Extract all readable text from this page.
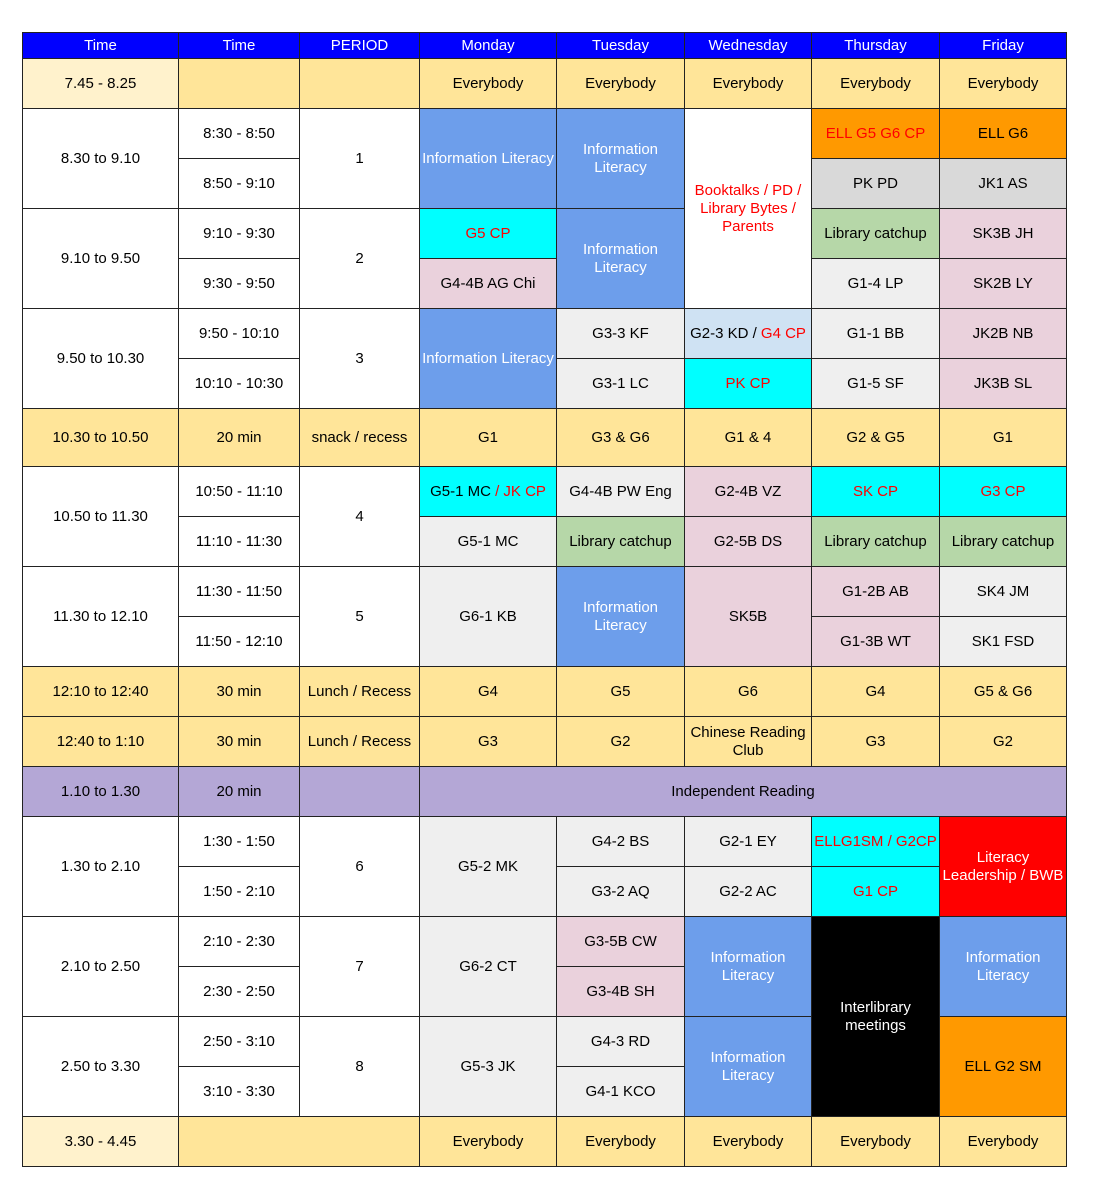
Time	Time	PERIOD	Monday	Tuesday	Wednesday	Thursday	Friday
7.45 - 8.25			Everybody	Everybody	Everybody	Everybody	Everybody
8.30 to 9.10	8:30 - 8:50	1	Information Literacy	Information Literacy	Booktalks / PD / Library Bytes / Parents	ELL G5 G6 CP	ELL G6
	8:50 - 9:10					PK PD	JK1 AS
9.10 to 9.50	9:10 - 9:30	2	G5 CP	Information Literacy		Library catchup	SK3B JH
	9:30 - 9:50		G4-4B AG Chi			G1-4 LP	SK2B LY
9.50 to 10.30	9:50 - 10:10	3	Information Literacy	G3-3 KF	G2-3 KD / G4 CP	G1-1 BB	JK2B NB
	10:10 - 10:30			G3-1 LC	PK CP	G1-5 SF	JK3B SL
10.30 to 10.50	20 min	snack / recess	G1	G3 & G6	G1 & 4	G2 & G5	G1
10.50 to 11.30	10:50 - 11:10	4	G5-1 MC / JK CP	G4-4B PW Eng	G2-4B VZ	SK CP	G3 CP
	11:10 - 11:30		G5-1 MC	Library catchup	G2-5B DS	Library catchup	Library catchup
11.30 to 12.10	11:30 - 11:50	5	G6-1 KB	Information Literacy	SK5B	G1-2B AB	SK4 JM
	11:50 - 12:10					G1-3B WT	SK1 FSD
12:10 to 12:40	30 min	Lunch / Recess	G4	G5	G6	G4	G5 & G6
12:40 to 1:10	30 min	Lunch / Recess	G3	G2	Chinese Reading Club	G3	G2
1.10 to 1.30	20 min		Independent Reading				
1.30 to 2.10	1:30 - 1:50	6	G5-2 MK	G4-2 BS	G2-1 EY	ELLG1SM / G2CP	Literacy Leadership / BWB
	1:50 - 2:10			G3-2 AQ	G2-2 AC	G1 CP	
2.10 to 2.50	2:10 - 2:30	7	G6-2 CT	G3-5B CW	Information Literacy	Interlibrary meetings	Information Literacy
	2:30 - 2:50			G3-4B SH			
2.50 to 3.30	2:50 - 3:10	8	G5-3 JK	G4-3 RD	Information Literacy		ELL G2 SM
	3:10 - 3:30			G4-1 KCO			
3.30 - 4.45			Everybody	Everybody	Everybody	Everybody	Everybody
